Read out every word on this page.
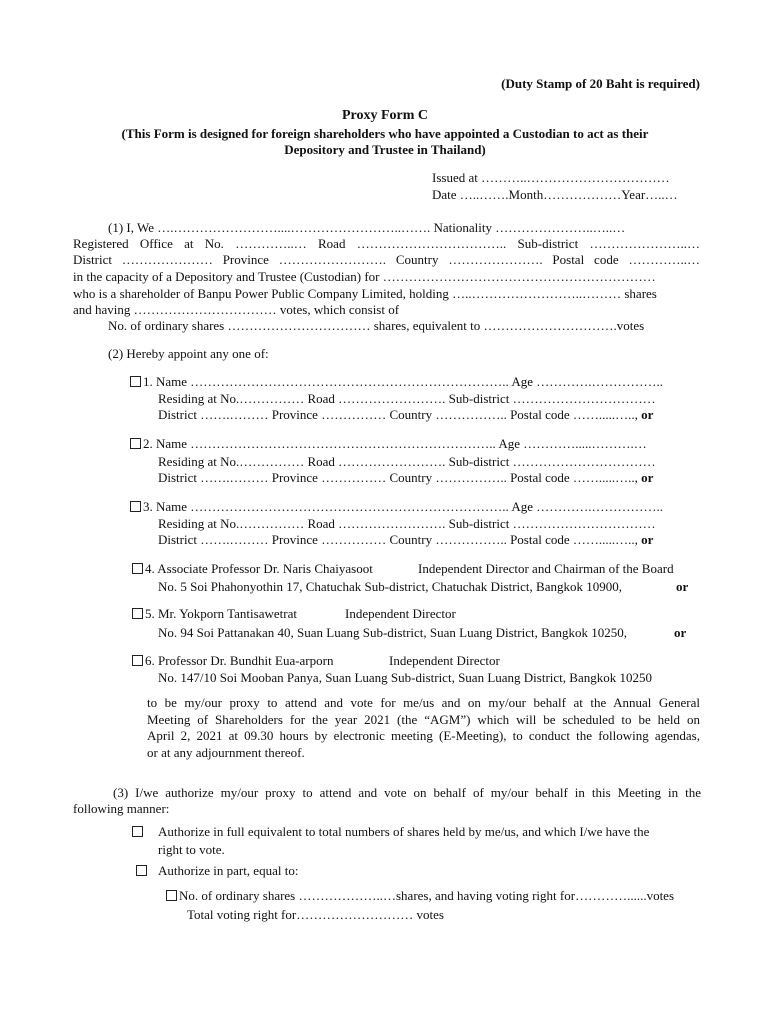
(Duty Stamp of 20 Baht is required)
Proxy Form C
(This Form is designed for foreign shareholders who have appointed a Custodian to act as their
Depository and Trustee in Thailand)
Issued at ………..……………………………
Date …..…….Month………………Year…..…
(1) I, We ….……………………....……………………..……. Nationality …………………..…..…
Registered Office at No. …………..… Road …………………………….. Sub-district …………………..…
District ………………… Province ……………………. Country …………………. Postal code …………..…
in the capacity of a Depository and Trustee (Custodian) for ………………………………………………………
who is a shareholder of Banpu Power Public Company Limited, holding …..……………………..……… shares
and having …………………………… votes, which consist of
No. of ordinary shares …………………………… shares, equivalent to ………………………….votes
(2) Hereby appoint any one of:
1. Name ……………………………………………………………….. Age ………….……………..
Residing at No.…………… Road ……………………. Sub-district ……………………………
District …….……… Province …………… Country …………….. Postal code …….....….., or
2. Name …………………………………………………………….. Age ………….....……….…
Residing at No.…………… Road ……………………. Sub-district ……………………………
District …….……… Province …………… Country …………….. Postal code …….....….., or
3. Name ……………………………………………………………….. Age ………….……………..
Residing at No.…………… Road ……………………. Sub-district ……………………………
District …….……… Province …………… Country …………….. Postal code …….....….., or
4. Associate Professor Dr. Naris Chaiyasoot	Independent Director and Chairman of the Board
No. 5 Soi Phahonyothin 17, Chatuchak Sub-district, Chatuchak District, Bangkok 10900,	or
5. Mr. Yokporn Tantisawetrat	Independent Director
No. 94 Soi Pattanakan 40, Suan Luang Sub-district, Suan Luang District, Bangkok 10250,	or
6. Professor Dr. Bundhit Eua-arporn	Independent Director
No. 147/10 Soi Mooban Panya, Suan Luang Sub-district, Suan Luang District, Bangkok 10250
to be my/our proxy to attend and vote for me/us and on my/our behalf at the Annual General
Meeting of Shareholders for the year 2021 (the “AGM”) which will be scheduled to be held on
April 2, 2021 at 09.30 hours by electronic meeting (E-Meeting), to conduct the following agendas,
or at any adjournment thereof.
(3) I/we authorize my/our proxy to attend and vote on behalf of my/our behalf in this Meeting in the
following manner:
Authorize in full equivalent to total numbers of shares held by me/us, and which I/we have the
right to vote.
Authorize in part, equal to:
No. of ordinary shares ………………..…shares, and having voting right for…………......votes
Total voting right for……………………… votes
